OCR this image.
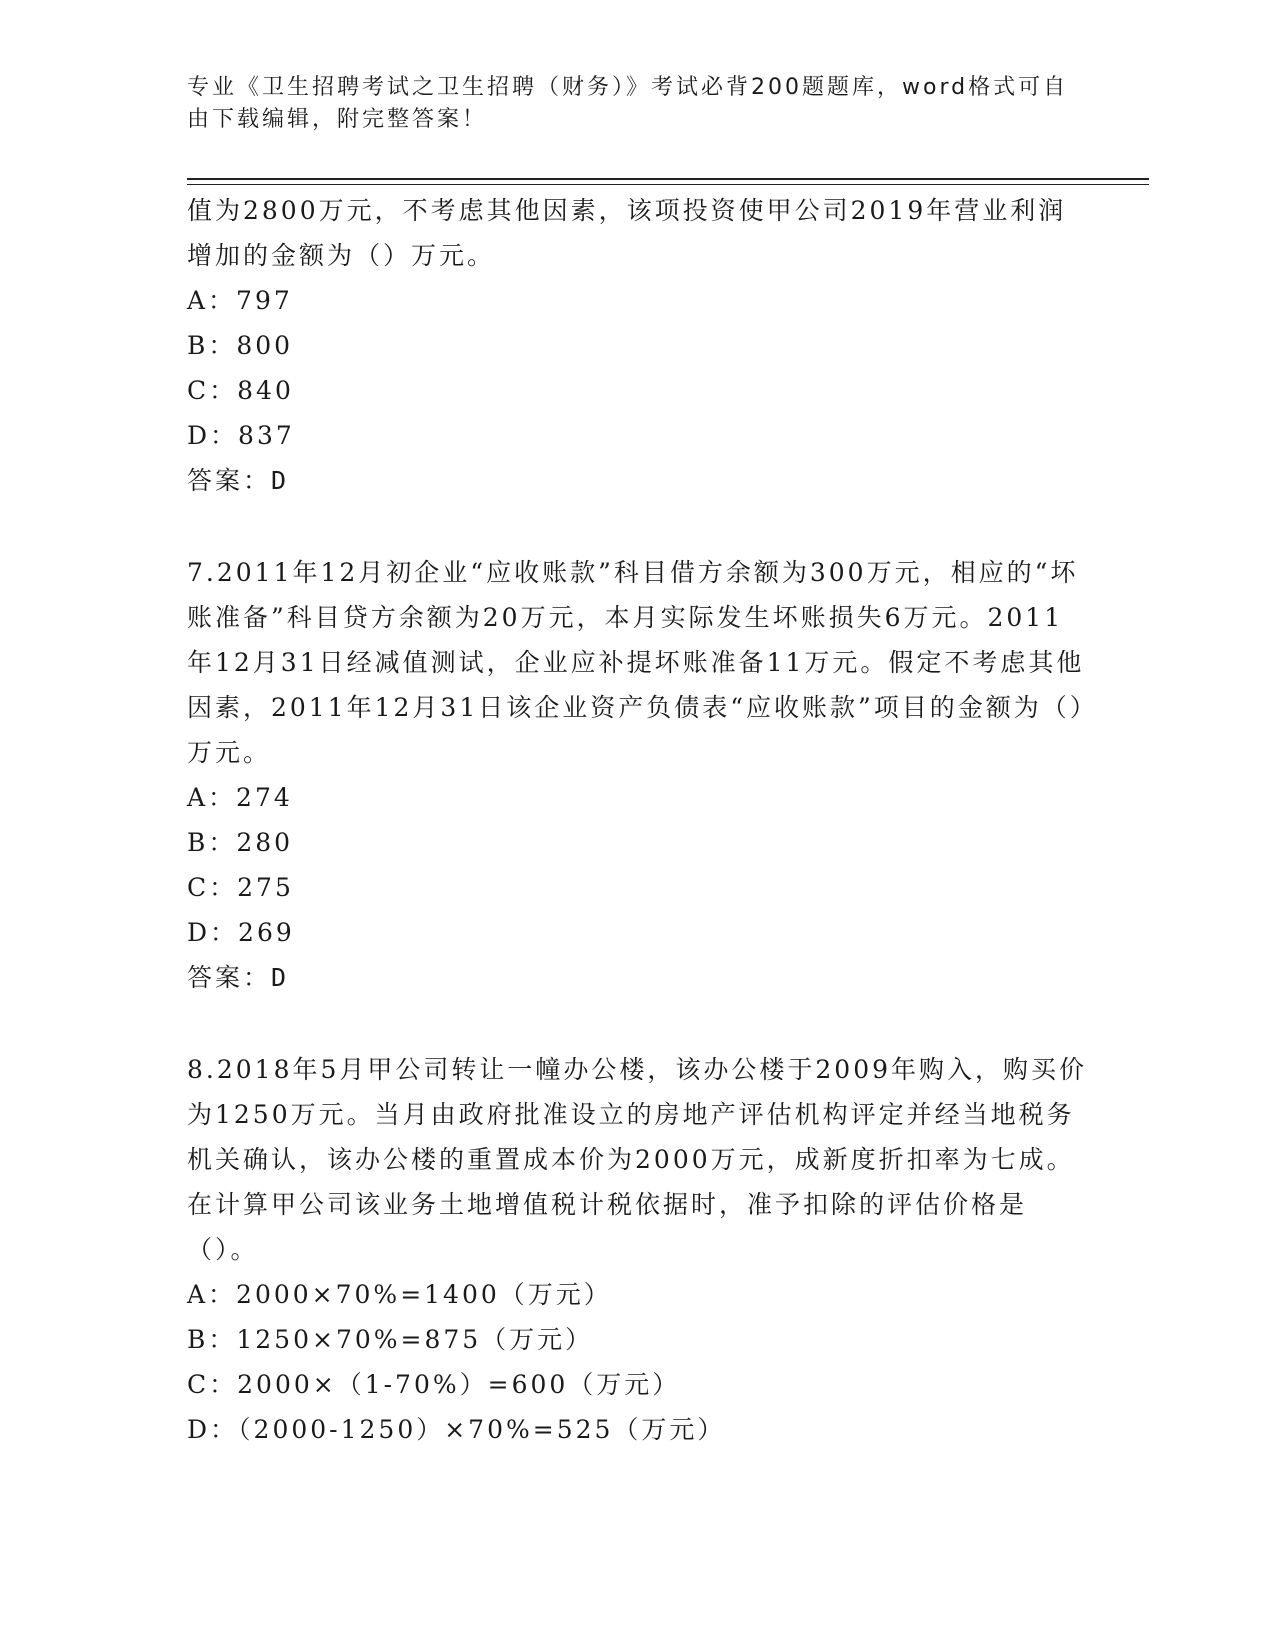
专业《卫生招聘考试之卫生招聘（财务）》考试必背200题题库，word格式可自由下载编辑，附完整答案！

值为2800万元，不考虑其他因素，该项投资使甲公司2019年营业利润增加的金额为（）万元。

A：797

B：800

C：840

D：837

答案：D

7.2011年12月初企业“应收账款”科目借方余额为300万元，相应的“坏账准备”科目贷方余额为20万元，本月实际发生坏账损失6万元。2011年12月31日经减值测试，企业应补提坏账准备11万元。假定不考虑其他因素，2011年12月31日该企业资产负债表“应收账款”项目的金额为（）万元。

A：274

B：280

C：275

D：269

答案：D

8.2018年5月甲公司转让一幢办公楼，该办公楼于2009年购入，购买价为1250万元。当月由政府批准设立的房地产评估机构评定并经当地税务机关确认，该办公楼的重置成本价为2000万元，成新度折扣率为七成。在计算甲公司该业务土地增值税计税依据时，准予扣除的评估价格是（）。

A：2000×70%=1400（万元）

B：1250×70%=875（万元）

C：2000×（1-70%）=600（万元）

D：（2000-1250）×70%=525（万元）
